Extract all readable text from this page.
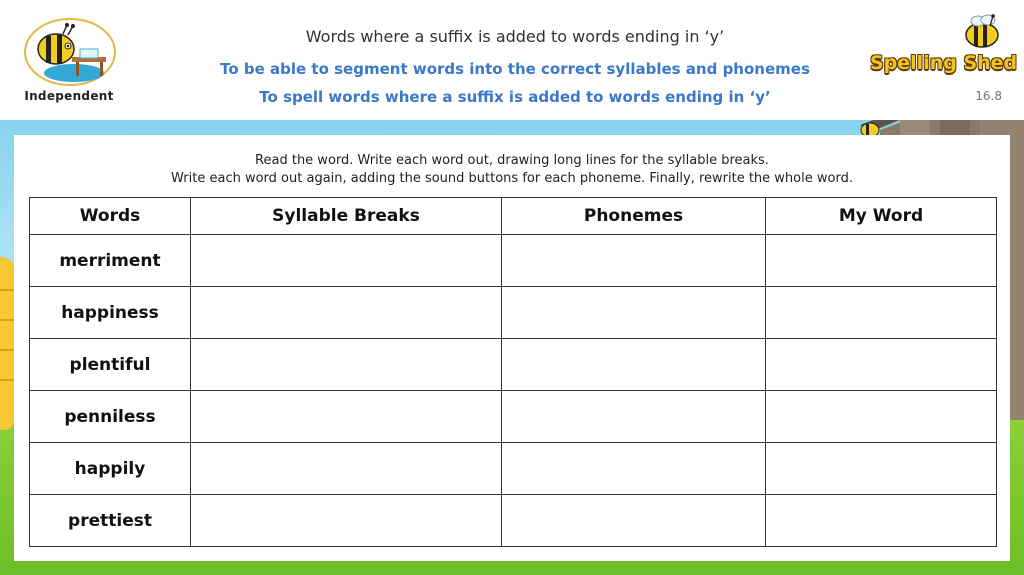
Independent
Words where a suffix is added to words ending in ‘y’
To be able to segment words into the correct syllables and phonemes
To spell words where a suffix is added to words ending in ‘y’
Spelling Shed
16.8
Read the word. Write each word out, drawing long lines for the syllable breaks.
Write each word out again, adding the sound buttons for each phoneme. Finally, rewrite the whole word.
Words	Syllable Breaks	Phonemes	My Word
merriment			
happiness			
plentiful			
penniless			
happily			
prettiest			
